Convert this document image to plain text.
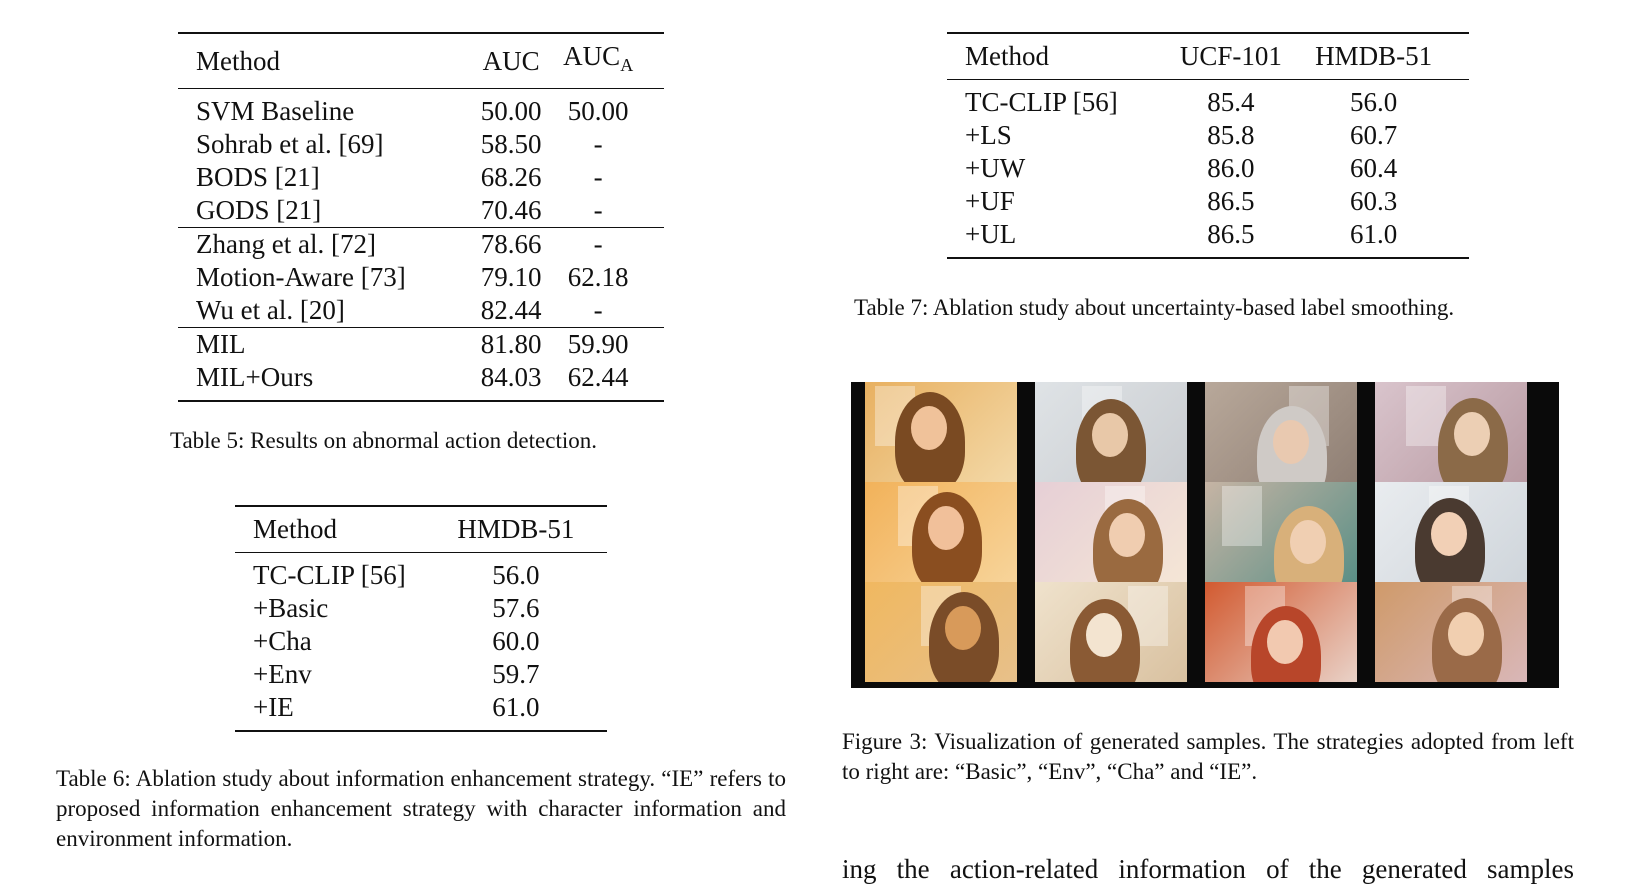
Method	AUC	$AUC_A$
SVM Baseline	50.00	50.00
Sohrab et al. [69]	58.50	-
BODS [21]	68.26	-
GODS [21]	70.46	-
Zhang et al. [72]	78.66	-
Motion-Aware [73]	79.10	62.18
Wu et al. [20]	82.44	-
MIL	81.80	59.90
MIL+Ours	84.03	62.44
Table 5: Results on abnormal action detection.
Method	HMDB-51
TC-CLIP [56]	56.0
+Basic	57.6
+Cha	60.0
+Env	59.7
+IE	61.0
Table 6: Ablation study about information enhancement strategy. “IE” refers to proposed information enhancement strategy with character information and environment information.
Method	UCF-101	HMDB-51
TC-CLIP [56]	85.4	56.0
+LS	85.8	60.7
+UW	86.0	60.4
+UF	86.5	60.3
+UL	86.5	61.0
Table 7: Ablation study about uncertainty-based label smoothing.
Figure 3: Visualization of generated samples. The strategies adopted from left to right are: “Basic”, “Env”, “Cha” and “IE”.
ing the action-related information of the generated samples
